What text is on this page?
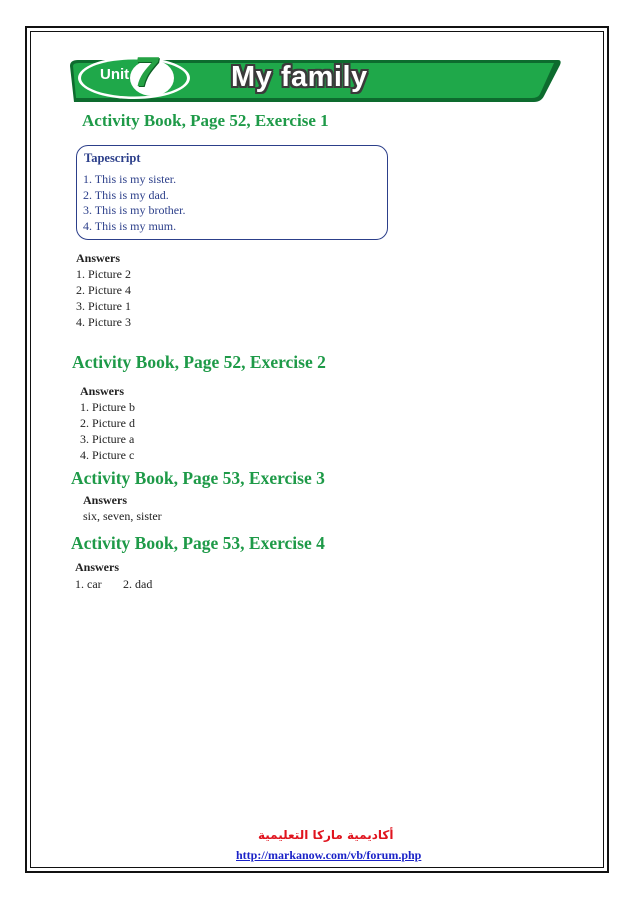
Unit 7	My family
Activity Book, Page 52, Exercise 1
Tapescript
1. This is my sister.
2. This is my dad.
3. This is my brother.
4. This is my mum.
Answers
1. Picture 2
2. Picture 4
3. Picture 1
4. Picture 3
Activity Book, Page 52, Exercise 2
Answers
1. Picture b
2. Picture d
3. Picture a
4. Picture c
Activity Book, Page 53, Exercise 3
Answers
six, seven, sister
Activity Book, Page 53, Exercise 4
Answers
1. car 2. dad
أكاديمية ماركا التعليمية
http://markanow.com/vb/forum.php
